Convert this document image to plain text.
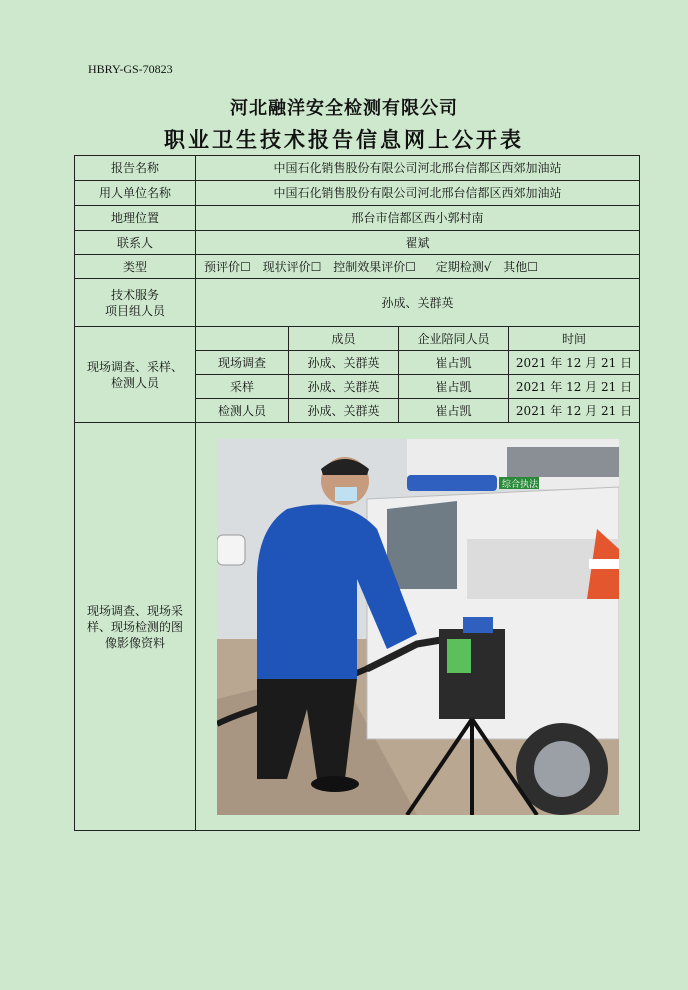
HBRY-GS-70823
河北融洋安全检测有限公司
职业卫生技术报告信息网上公开表
报告名称	中国石化销售股份有限公司河北邢台信都区西郊加油站			
用人单位名称	中国石化销售股份有限公司河北邢台信都区西郊加油站			
地理位置	邢台市信都区西小郭村南			
联系人	翟斌			
类型	预评价☐ 现状评价☐ 控制效果评价☐ 定期检测√ 其他☐			

技术服务
项目组人员	孙成、关群英			

现场调查、采样、
检测人员		成员	企业陪同人员	时间
	现场调查	孙成、关群英	崔占凯	2021 年 12 月 21 日
	采样	孙成、关群英	崔占凯	2021 年 12 月 21 日
	检测人员	孙成、关群英	崔占凯	2021 年 12 月 21 日

现场调查、现场采
样、现场检测的图
像影像资料	综合执法			
